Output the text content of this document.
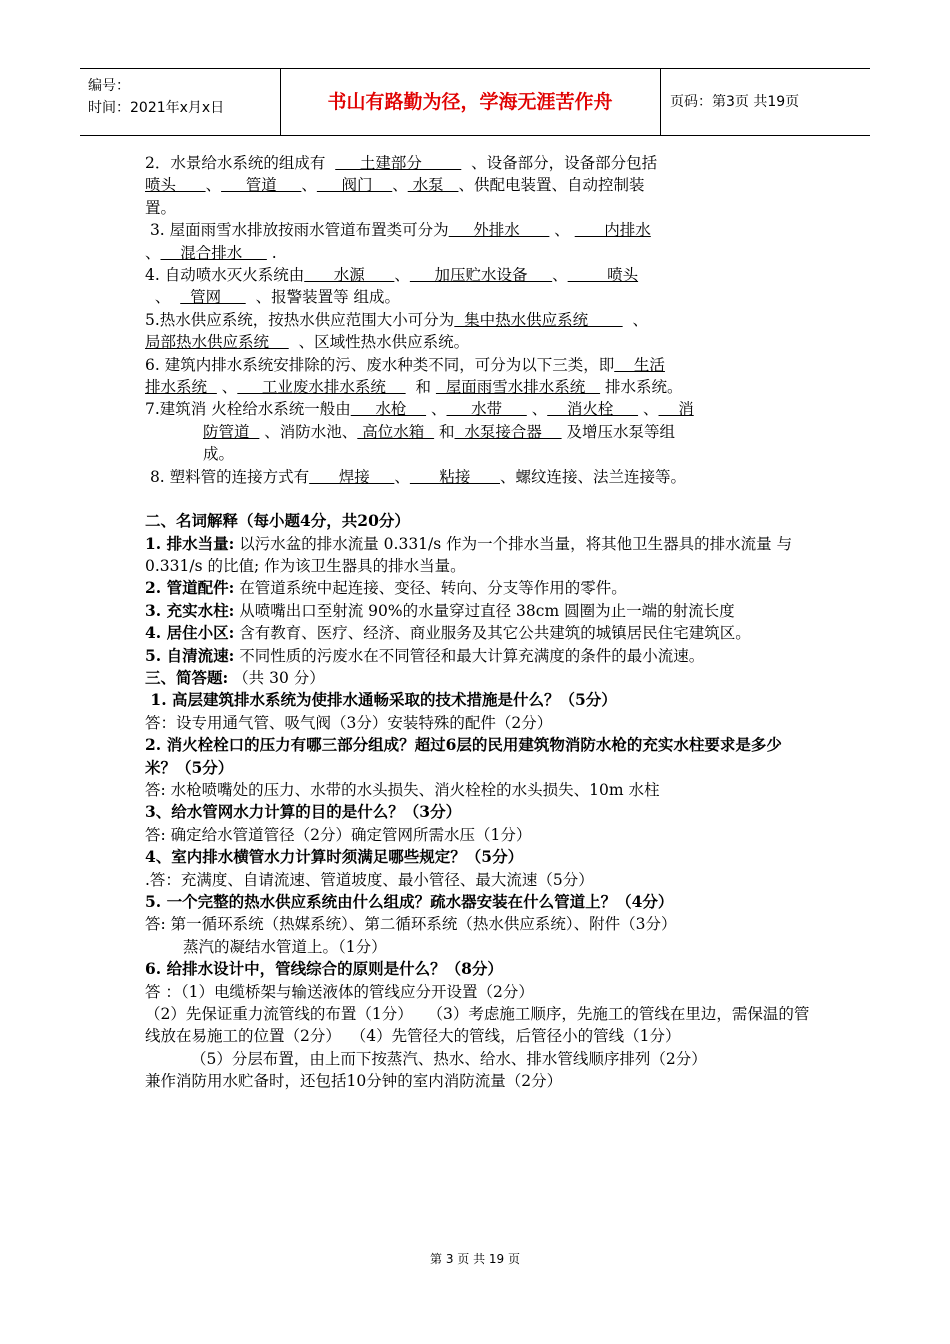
编号：
时间：2021年x月x日	书山有路勤为径，学海无涯苦作舟	页码：第3页 共19页

2．水景给水系统的组成有       土建部分          、设备部分，设备部分包括
喷头      、     管道     、     阀门    、 水泵   、供配电装置、自动控制装
置。

3. 屋面雨雪水排放按雨水管道布置类可分为     外排水       、       内排水
、    混合排水      .

4. 自动喷水灭火系统由      水源      、     加压贮水设备     、        喷头
、    管网       、报警装置等 组成。

5.热水供应系统，按热水供应范围大小可分为  集中热水供应系统         、
局部热水供应系统      、区域性热水供应系统。

6. 建筑内排水系统安排除的污、废水种类不同，可分为以下三类，即    生活
排水系统   、     工业废水排水系统      和   屋面雨雪水排水系统    排水系统。

7.建筑消 火栓给水系统一般由     水枪     、     水带      、    消火栓      、    消

防管道   、消防水池、 高位水箱   和  水泵接合器     及增压水泵等组
成。

8. 塑料管的连接方式有      焊接     、      粘接      、螺纹连接、法兰连接等。

二、名词解释（每小题4分，共20分）

1. 排水当量: 以污水盆的排水流量 0.331/s 作为一个排水当量，将其他卫生器具的排水流量 与 0.331/s 的比值; 作为该卫生器具的排水当量。

2. 管道配件: 在管道系统中起连接、变径、转向、分支等作用的零件。

3. 充实水柱: 从喷嘴出口至射流 90%的水量穿过直径 38cm 圆圈为止一端的射流长度

4. 居住小区: 含有教育、医疗、经济、商业服务及其它公共建筑的城镇居民住宅建筑区。

5. 自清流速: 不同性质的污废水在不同管径和最大计算充满度的条件的最小流速。

三、简答题: （共 30 分）

1. 高层建筑排水系统为使排水通畅采取的技术措施是什么？（5分）

答：设专用通气管、吸气阀（3分）安装特殊的配件（2分）

2. 消火栓栓口的压力有哪三部分组成？超过6层的民用建筑物消防水枪的充实水柱要求是多少米？（5分）

答: 水枪喷嘴处的压力、水带的水头损失、消火栓栓的水头损失、10m 水柱

3、给水管网水力计算的目的是什么？（3分）

答: 确定给水管道管径（2分）确定管网所需水压（1分）

4、室内排水横管水力计算时须满足哪些规定？（5分）

.答：充满度、自请流速、管道坡度、最小管径、最大流速（5分）

5. 一个完整的热水供应系统由什么组成？疏水器安装在什么管道上？（4分）

答: 第一循环系统（热媒系统）、第二循环系统（热水供应系统）、附件（3分）

蒸汽的凝结水管道上。（1分）

6. 给排水设计中，管线综合的原则是什么？（8分）

答 ：（1）电缆桥架与输送液体的管线应分开设置（2分）

（2）先保证重力流管线的布置（1分）   （3）考虑施工顺序，先施工的管线在里边，需保温的管线放在易施工的位置（2分）  （4）先管径大的管线，后管径小的管线（1分）

（5）分层布置，由上而下按蒸汽、热水、给水、排水管线顺序排列（2分）

兼作消防用水贮备时，还包括10分钟的室内消防流量（2分）

第 3 页 共 19 页
